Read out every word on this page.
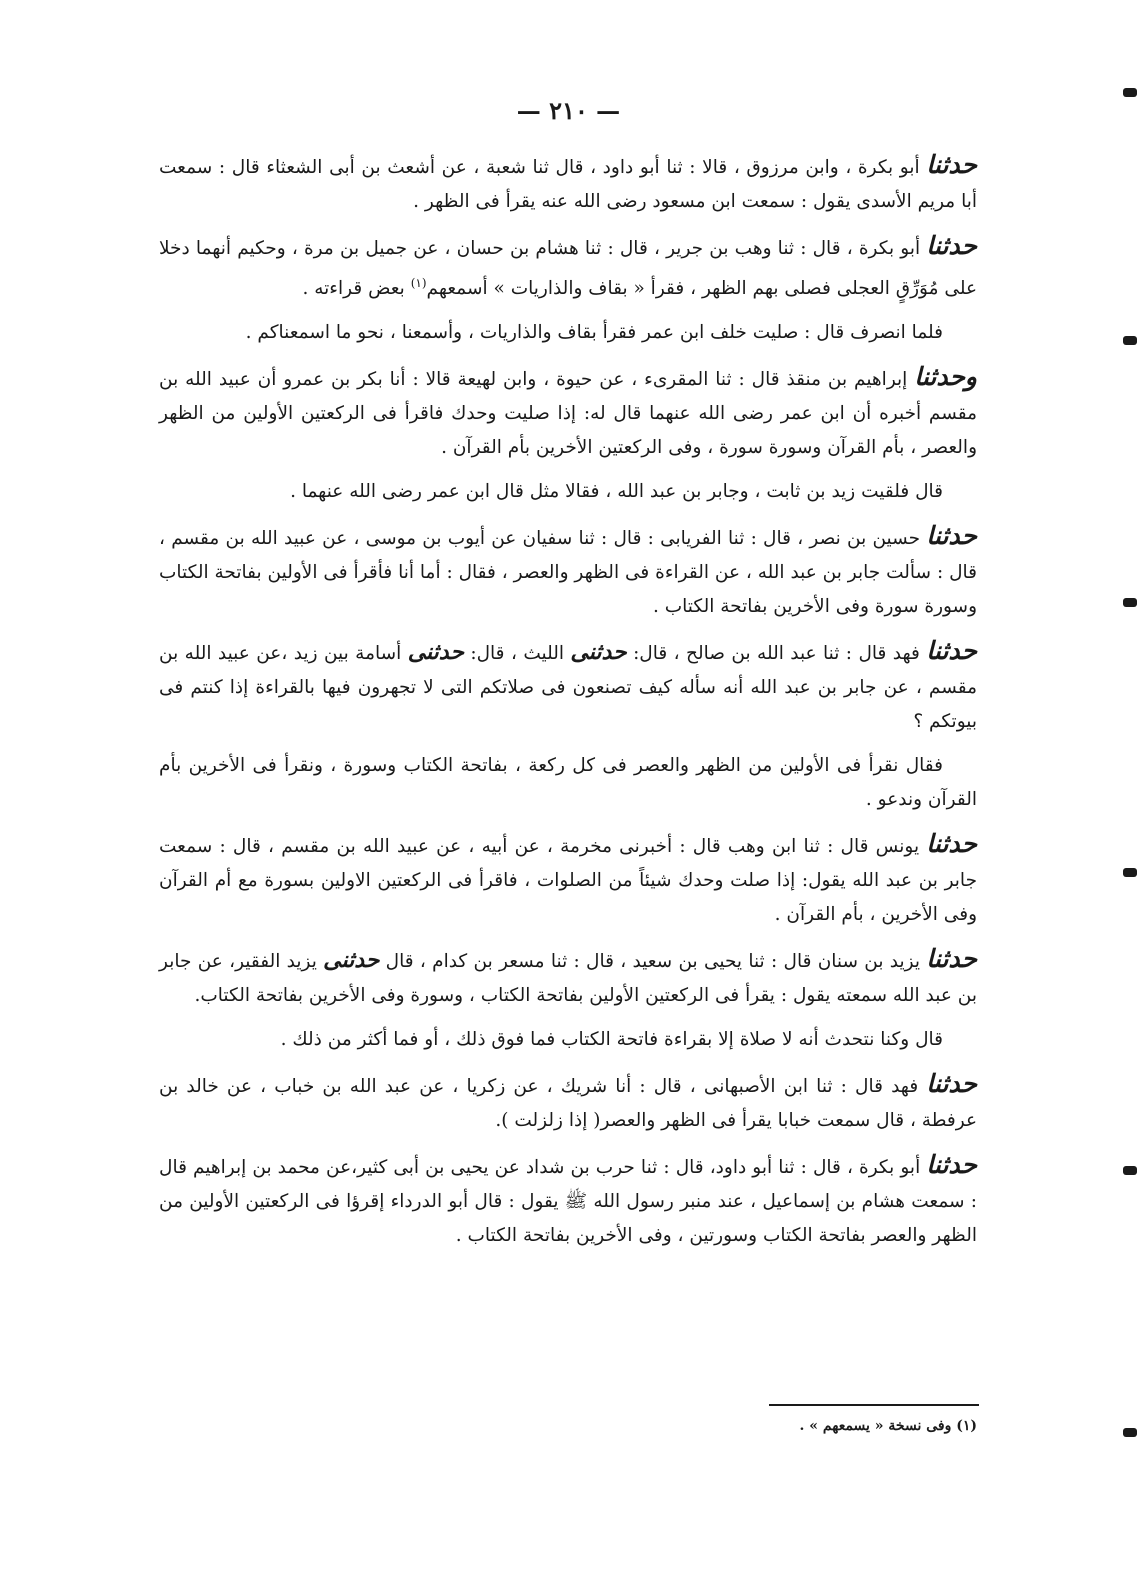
— ٢١٠ —

حدثنا أبو بكرة ، وابن مرزوق ، قالا : ثنا أبو داود ، قال ثنا شعبة ، عن أشعث بن أبى الشعثاء قال : سمعت أبا مريم الأسدى يقول : سمعت ابن مسعود رضى الله عنه يقرأ فى الظهر .

حدثنا أبو بكرة ، قال : ثنا وهب بن جرير ، قال : ثنا هشام بن حسان ، عن جميل بن مرة ، وحكيم أنهما دخلا على مُوَرِّقٍ العجلى فصلى بهم الظهر ، فقرأ « بقاف والذاريات » أسمعهم$^{(١)}$ بعض قراءته .

فلما انصرف قال : صليت خلف ابن عمر فقرأ بقاف والذاريات ، وأسمعنا ، نحو ما اسمعناكم .

وحدثنا إبراهيم بن منقذ قال : ثنا المقرىء ، عن حيوة ، وابن لهيعة قالا : أنا بكر بن عمرو أن عبيد الله بن مقسم أخبره أن ابن عمر رضى الله عنهما قال له: إذا صليت وحدك فاقرأ فى الركعتين الأولين من الظهر والعصر ، بأم القرآن وسورة سورة ، وفى الركعتين الأخرين بأم القرآن .

قال فلقيت زيد بن ثابت ، وجابر بن عبد الله ، فقالا مثل قال ابن عمر رضى الله عنهما .

حدثنا حسين بن نصر ، قال : ثنا الفريابى : قال : ثنا سفيان عن أيوب بن موسى ، عن عبيد الله بن مقسم ، قال : سألت جابر بن عبد الله ، عن القراءة فى الظهر والعصر ، فقال : أما أنا فأقرأ فى الأولين بفاتحة الكتاب وسورة سورة وفى الأخرين بفاتحة الكتاب .

حدثنا فهد قال : ثنا عبد الله بن صالح ، قال: حدثنى الليث ، قال: حدثنى أسامة بين زيد ،عن عبيد الله بن مقسم ، عن جابر بن عبد الله أنه سأله كيف تصنعون فى صلاتكم التى لا تجهرون فيها بالقراءة إذا كنتم فى بيوتكم ؟

فقال نقرأ فى الأولين من الظهر والعصر فى كل ركعة ، بفاتحة الكتاب وسورة ، ونقرأ فى الأخرين بأم القرآن وندعو .

حدثنا يونس قال : ثنا ابن وهب قال : أخبرنى مخرمة ، عن أبيه ، عن عبيد الله بن مقسم ، قال : سمعت جابر بن عبد الله يقول: إذا صلت وحدك شيئاً من الصلوات ، فاقرأ فى الركعتين الاولين بسورة مع أم القرآن وفى الأخرين ، بأم القرآن .

حدثنا يزيد بن سنان قال : ثنا يحيى بن سعيد ، قال : ثنا مسعر بن كدام ، قال حدثنى يزيد الفقير، عن جابر بن عبد الله سمعته يقول : يقرأ فى الركعتين الأولين بفاتحة الكتاب ، وسورة وفى الأخرين بفاتحة الكتاب.

قال وكنا نتحدث أنه لا صلاة إلا بقراءة فاتحة الكتاب فما فوق ذلك ، أو فما أكثر من ذلك .

حدثنا فهد قال : ثنا ابن الأصبهانى ، قال : أنا شريك ، عن زكريا ، عن عبد الله بن خباب ، عن خالد بن عرفطة ، قال سمعت خبابا يقرأ فى الظهر والعصر( إذا زلزلت ).

حدثنا أبو بكرة ، قال : ثنا أبو داود، قال : ثنا حرب بن شداد عن يحيى بن أبى كثير،عن محمد بن إبراهيم قال : سمعت هشام بن إسماعيل ، عند منبر رسول الله ﷺ يقول : قال أبو الدرداء إقرؤا فى الركعتين الأولين من الظهر والعصر بفاتحة الكتاب وسورتين ، وفى الأخرين بفاتحة الكتاب .

(١) وفى نسخة « يسمعهم » .
